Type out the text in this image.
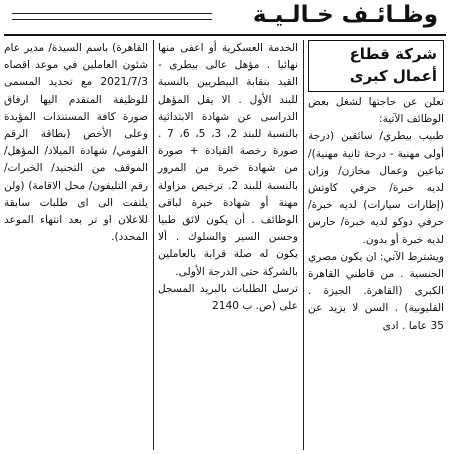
وظـائـف خـالـيـة
شركة قطاع
أعمال كبرى

تعلن عن حاجتها لشغل بعض الوظائف الآتية:

طبيب بيطري/ سائقين (درجة أولى مهنية - درجة ثانية مهنية)/ تباعين وعمال مخازن/ وزان لديه خبرة/ حرفي كاوتش (إطارات سيارات) لديه خبرة/ حرفي دوكو لديه خبرة/ حارس لديه خبرة أو بدون.

ويشترط الآتي: ان يكون مصري الجنسية . من قاطني القاهرة الكبرى (القاهرة. الجيزة . القليوبية) . السن لا يزيد عن 35 عاما . ادى

الخدمة العسكرية أو اعفى منها نهائيا . مؤهل عالى بيطرى - القيد بنقابة البيطريين بالنسبة للبند الأول . الا يقل المؤهل الدراسى عن شهادة الابتدائية بالنسبة للبند 2، 3، 5، 6، 7 . صورة رخصة القيادة + صورة من شهادة خبرة من المرور بالنسبة للبند 2. ترخيص مزاولة مهنة أو شهادة خبرة لباقى الوظائف . أن يكون لائق طبيا وحسن السير والسلوك . ألا يكون له صلة قرابة بالعاملين بالشركة حتى الدرجة الأولى.

ترسل الطلبات بالبريد المسجل على (ص. ب 2140

القاهرة) باسم السيدة/ مدير عام شئون العاملين في موعد اقصاه 2021/7/3 مع تحديد المسمى للوظيفة المتقدم اليها ارفاق صورة كافة المستندات المؤيدة وعلى الأخص (بطاقة الرقم القومي/ شهادة الميلاد/ المؤهل/ الموقف من التجنيد/ الخبرات/ رقم التليفون/ محل الاقامة) (ولن يلتفت الى اى طلبات سابقة للاعلان او تر بعد انتهاء الموعد المحدد).
